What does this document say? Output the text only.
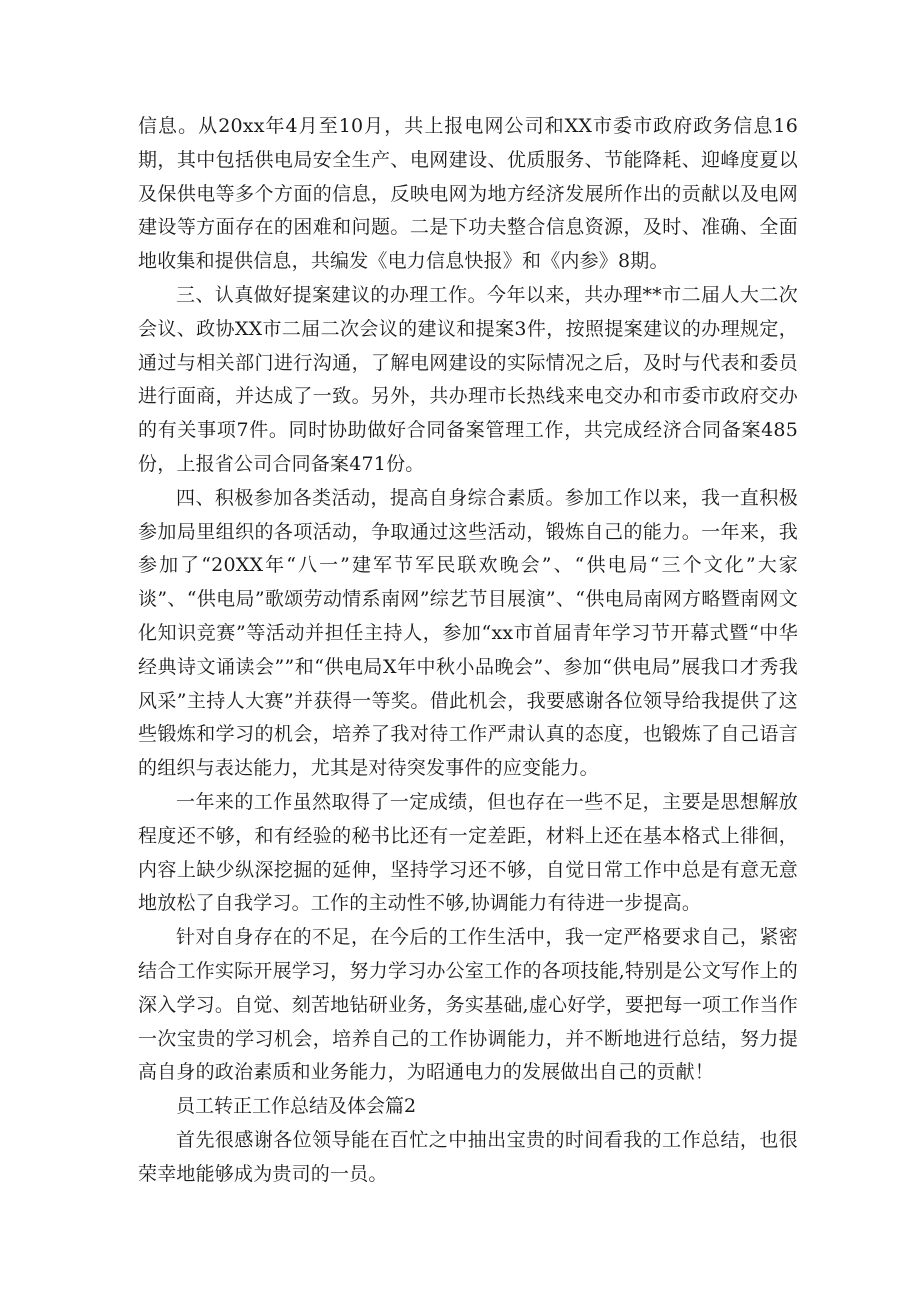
信息。从20xx年4月至10月，共上报电网公司和XX市委市政府政务信息16期，其中包括供电局安全生产、电网建设、优质服务、节能降耗、迎峰度夏以及保供电等多个方面的信息，反映电网为地方经济发展所作出的贡献以及电网建设等方面存在的困难和问题。二是下功夫整合信息资源，及时、准确、全面地收集和提供信息，共编发《电力信息快报》和《内参》8期。

三、认真做好提案建议的办理工作。今年以来，共办理**市二届人大二次会议、政协XX市二届二次会议的建议和提案3件，按照提案建议的办理规定，通过与相关部门进行沟通，了解电网建设的实际情况之后，及时与代表和委员进行面商，并达成了一致。另外，共办理市长热线来电交办和市委市政府交办的有关事项7件。同时协助做好合同备案管理工作，共完成经济合同备案485份，上报省公司合同备案471份。

四、积极参加各类活动，提高自身综合素质。参加工作以来，我一直积极参加局里组织的各项活动，争取通过这些活动，锻炼自己的能力。一年来，我参加了“20XX年“八一”建军节军民联欢晚会”、“供电局“三个文化”大家谈”、“供电局”歌颂劳动情系南网”综艺节目展演”、“供电局南网方略暨南网文化知识竞赛”等活动并担任主持人，参加“xx市首届青年学习节开幕式暨“中华经典诗文诵读会””和“供电局X年中秋小品晚会”、参加“供电局”展我口才秀我风采”主持人大赛”并获得一等奖。借此机会，我要感谢各位领导给我提供了这些锻炼和学习的机会，培养了我对待工作严肃认真的态度，也锻炼了自己语言的组织与表达能力，尤其是对待突发事件的应变能力。

一年来的工作虽然取得了一定成绩，但也存在一些不足，主要是思想解放程度还不够，和有经验的秘书比还有一定差距，材料上还在基本格式上徘徊，内容上缺少纵深挖掘的延伸，坚持学习还不够，自觉日常工作中总是有意无意地放松了自我学习。工作的主动性不够,协调能力有待进一步提高。

针对自身存在的不足，在今后的工作生活中，我一定严格要求自己，紧密结合工作实际开展学习，努力学习办公室工作的各项技能,特别是公文写作上的深入学习。自觉、刻苦地钻研业务，务实基础,虚心好学，要把每一项工作当作一次宝贵的学习机会，培养自己的工作协调能力，并不断地进行总结，努力提高自身的政治素质和业务能力，为昭通电力的发展做出自己的贡献！

员工转正工作总结及体会篇2

首先很感谢各位领导能在百忙之中抽出宝贵的时间看我的工作总结，也很荣幸地能够成为贵司的一员。
